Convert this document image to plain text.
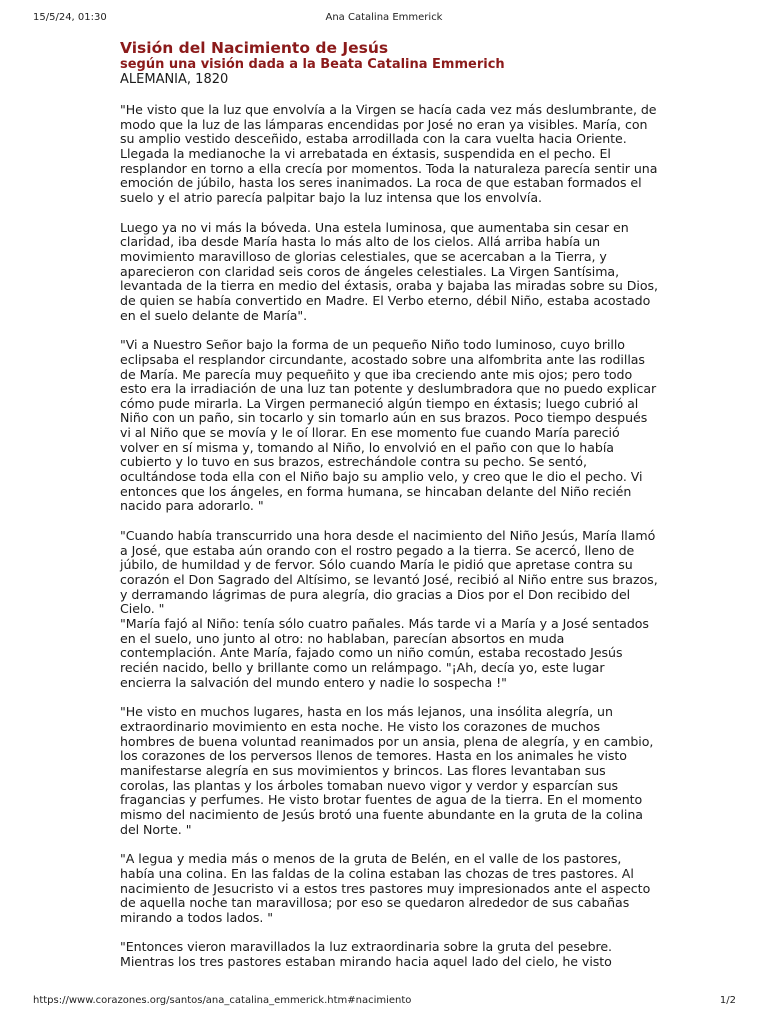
15/5/24, 01:30	Ana Catalina Emmerick
Visión del Nacimiento de Jesús
según una visión dada a la Beata Catalina Emmerich
ALEMANIA, 1820

"He visto que la luz que envolvía a la Virgen se hacía cada vez más deslumbrante, de modo que la luz de las lámparas encendidas por José no eran ya visibles. María, con su amplio vestido desceñido, estaba arrodillada con la cara vuelta hacia Oriente. Llegada la medianoche la vi arrebatada en éxtasis, suspendida en el pecho. El resplandor en torno a ella crecía por momentos. Toda la naturaleza parecía sentir una emoción de júbilo, hasta los seres inanimados. La roca de que estaban formados el suelo y el atrio parecía palpitar bajo la luz intensa que los envolvía.

Luego ya no vi más la bóveda. Una estela luminosa, que aumentaba sin cesar en claridad, iba desde María hasta lo más alto de los cielos. Allá arriba había un movimiento maravilloso de glorias celestiales, que se acercaban a la Tierra, y aparecieron con claridad seis coros de ángeles celestiales. La Virgen Santísima, levantada de la tierra en medio del éxtasis, oraba y bajaba las miradas sobre su Dios, de quien se había convertido en Madre. El Verbo eterno, débil Niño, estaba acostado en el suelo delante de María".

"Vi a Nuestro Señor bajo la forma de un pequeño Niño todo luminoso, cuyo brillo eclipsaba el resplandor circundante, acostado sobre una alfombrita ante las rodillas de María. Me parecía muy pequeñito y que iba creciendo ante mis ojos; pero todo esto era la irradiación de una luz tan potente y deslumbradora que no puedo explicar cómo pude mirarla. La Virgen permaneció algún tiempo en éxtasis; luego cubrió al Niño con un paño, sin tocarlo y sin tomarlo aún en sus brazos. Poco tiempo después vi al Niño que se movía y le oí llorar. En ese momento fue cuando María pareció volver en sí misma y, tomando al Niño, lo envolvió en el paño con que lo había cubierto y lo tuvo en sus brazos, estrechándole contra su pecho. Se sentó, ocultándose toda ella con el Niño bajo su amplio velo, y creo que le dio el pecho. Vi entonces que los ángeles, en forma humana, se hincaban delante del Niño recién nacido para adorarlo. "

"Cuando había transcurrido una hora desde el nacimiento del Niño Jesús, María llamó a José, que estaba aún orando con el rostro pegado a la tierra. Se acercó, lleno de júbilo, de humildad y de fervor. Sólo cuando María le pidió que apretase contra su corazón el Don Sagrado del Altísimo, se levantó José, recibió al Niño entre sus brazos, y derramando lágrimas de pura alegría, dio gracias a Dios por el Don recibido del Cielo. "

"María fajó al Niño: tenía sólo cuatro pañales. Más tarde vi a María y a José sentados en el suelo, uno junto al otro: no hablaban, parecían absortos en muda contemplación. Ante María, fajado como un niño común, estaba recostado Jesús recién nacido, bello y brillante como un relámpago. "¡Ah, decía yo, este lugar encierra la salvación del mundo entero y nadie lo sospecha !"

"He visto en muchos lugares, hasta en los más lejanos, una insólita alegría, un extraordinario movimiento en esta noche. He visto los corazones de muchos hombres de buena voluntad reanimados por un ansia, plena de alegría, y en cambio, los corazones de los perversos llenos de temores. Hasta en los animales he visto manifestarse alegría en sus movimientos y brincos. Las flores levantaban sus corolas, las plantas y los árboles tomaban nuevo vigor y verdor y esparcían sus fragancias y perfumes. He visto brotar fuentes de agua de la tierra. En el momento mismo del nacimiento de Jesús brotó una fuente abundante en la gruta de la colina del Norte. "

"A legua y media más o menos de la gruta de Belén, en el valle de los pastores, había una colina. En las faldas de la colina estaban las chozas de tres pastores. Al nacimiento de Jesucristo vi a estos tres pastores muy impresionados ante el aspecto de aquella noche tan maravillosa; por eso se quedaron alrededor de sus cabañas mirando a todos lados. "

"Entonces vieron maravillados la luz extraordinaria sobre la gruta del pesebre. Mientras los tres pastores estaban mirando hacia aquel lado del cielo, he visto

https://www.corazones.org/santos/ana_catalina_emmerick.htm#nacimiento	1/2
